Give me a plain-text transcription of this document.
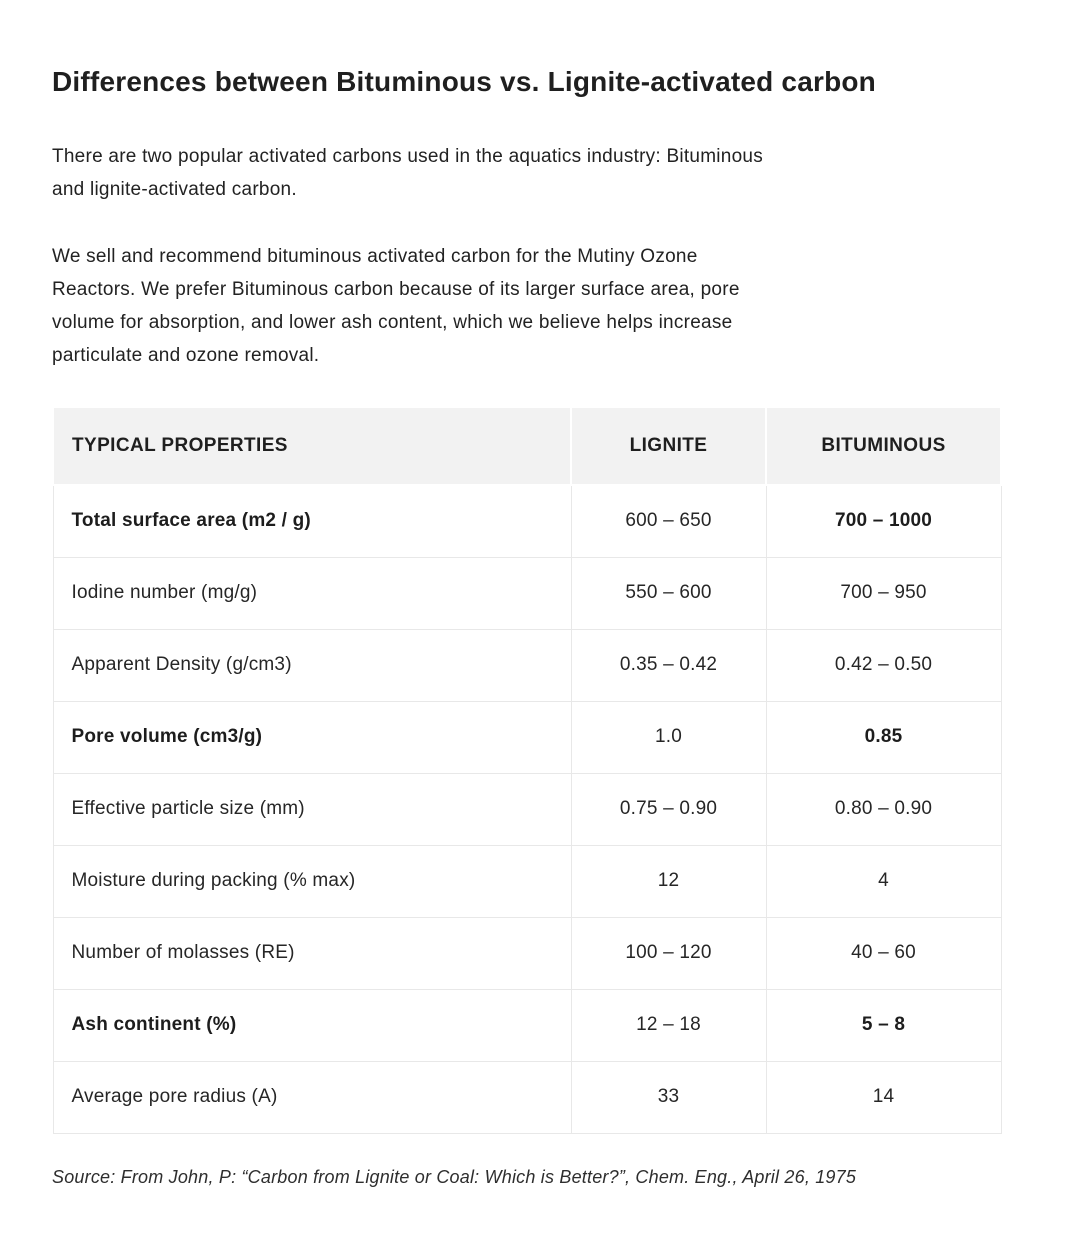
Differences between Bituminous vs. Lignite-activated carbon
There are two popular activated carbons used in the aquatics industry: Bituminous
and lignite-activated carbon.
We sell and recommend bituminous activated carbon for the Mutiny Ozone
Reactors. We prefer Bituminous carbon because of its larger surface area, pore
volume for absorption, and lower ash content, which we believe helps increase
particulate and ozone removal.
TYPICAL PROPERTIES	LIGNITE	BITUMINOUS
Total surface area (m2 / g)	600 – 650	700 – 1000
Iodine number (mg/g)	550 – 600	700 – 950
Apparent Density (g/cm3)	0.35 – 0.42	0.42 – 0.50
Pore volume (cm3/g)	1.0	0.85
Effective particle size (mm)	0.75 – 0.90	0.80 – 0.90
Moisture during packing (% max)	12	4
Number of molasses (RE)	100 – 120	40 – 60
Ash continent (%)	12 – 18	5 – 8
Average pore radius (A)	33	14
Source: From John, P: “Carbon from Lignite or Coal: Which is Better?”, Chem. Eng., April 26, 1975
